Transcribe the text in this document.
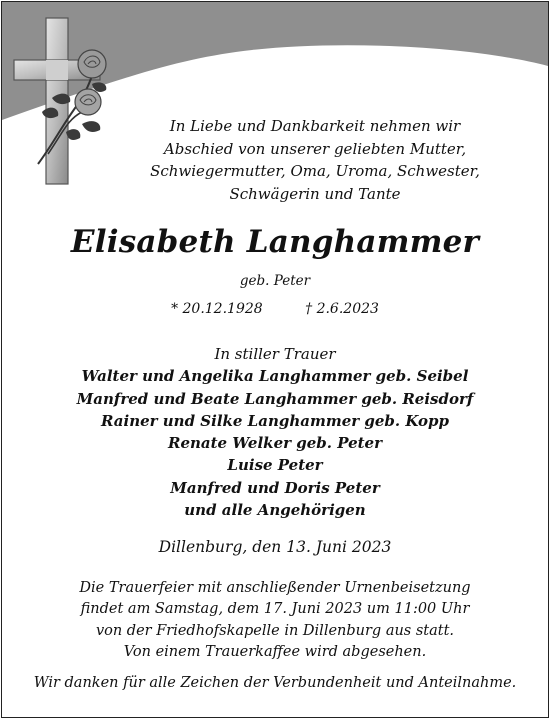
In Liebe und Dankbarkeit nehmen wir
Abschied von unserer geliebten Mutter,
Schwiegermutter, Oma, Uroma, Schwester,
Schwägerin und Tante
Elisabeth Langhammer
geb. Peter
* 20.12.1928	† 2.6.2023
In stiller Trauer
Walter und Angelika Langhammer geb. Seibel
Manfred und Beate Langhammer geb. Reisdorf
Rainer und Silke Langhammer geb. Kopp
Renate Welker geb. Peter
Luise Peter
Manfred und Doris Peter
und alle Angehörigen
Dillenburg, den 13. Juni 2023
Die Trauerfeier mit anschließender Urnenbeisetzung
findet am Samstag, dem 17. Juni 2023 um 11:00 Uhr
von der Friedhofskapelle in Dillenburg aus statt.
Von einem Trauerkaffee wird abgesehen.
Wir danken für alle Zeichen der Verbundenheit und Anteilnahme.
